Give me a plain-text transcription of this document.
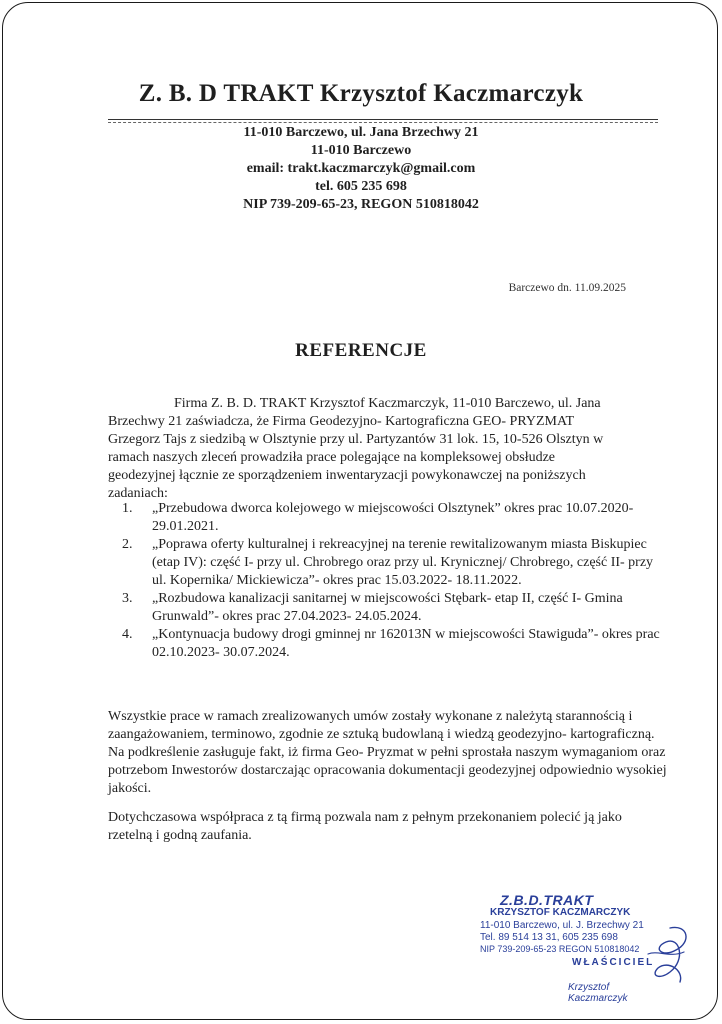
Z. B. D TRAKT Krzysztof Kaczmarczyk
11-010 Barczewo, ul. Jana Brzechwy 21
11-010 Barczewo
email: trakt.kaczmarczyk@gmail.com
tel. 605 235 698
NIP 739-209-65-23, REGON 510818042
Barczewo dn. 11.09.2025
REFERENCJE
Firma Z. B. D. TRAKT Krzysztof Kaczmarczyk, 11-010 Barczewo, ul. Jana Brzechwy 21 zaświadcza, że Firma Geodezyjno- Kartograficzna GEO- PRYZMAT Grzegorz Tajs z siedzibą w Olsztynie przy ul. Partyzantów 31 lok. 15, 10-526 Olsztyn w ramach naszych zleceń prowadziła prace polegające na kompleksowej obsłudze geodezyjnej łącznie ze sporządzeniem inwentaryzacji powykonawczej na poniższych zadaniach:
1. „Przebudowa dworca kolejowego w miejscowości Olsztynek” okres prac 10.07.2020- 29.01.2021.
2. „Poprawa oferty kulturalnej i rekreacyjnej na terenie rewitalizowanym miasta Biskupiec (etap IV): część I- przy ul. Chrobrego oraz przy ul. Krynicznej/ Chrobrego, część II- przy ul. Kopernika/ Mickiewicza”- okres prac 15.03.2022- 18.11.2022.
3. „Rozbudowa kanalizacji sanitarnej w miejscowości Stębark- etap II, część I- Gmina Grunwald”- okres prac 27.04.2023- 24.05.2024.
4. „Kontynuacja budowy drogi gminnej nr 162013N w miejscowości Stawiguda”- okres prac 02.10.2023- 30.07.2024.
Wszystkie prace w ramach zrealizowanych umów zostały wykonane z należytą starannością i zaangażowaniem, terminowo, zgodnie ze sztuką budowlaną i wiedzą geodezyjno- kartograficzną. Na podkreślenie zasługuje fakt, iż firma Geo- Pryzmat w pełni sprostała naszym wymaganiom oraz potrzebom Inwestorów dostarczając opracowania dokumentacji geodezyjnej odpowiednio wysokiej jakości.
Dotychczasowa współpraca z tą firmą pozwala nam z pełnym przekonaniem polecić ją jako rzetelną i godną zaufania.
Z.B.D.TRAKT
KRZYSZTOF KACZMARCZYK
11-010 Barczewo, ul. J. Brzechwy 21
Tel. 89 514 13 31, 605 235 698
NIP 739-209-65-23 REGON 510818042
WŁAŚCICIEL
Krzysztof Kaczmarczyk
